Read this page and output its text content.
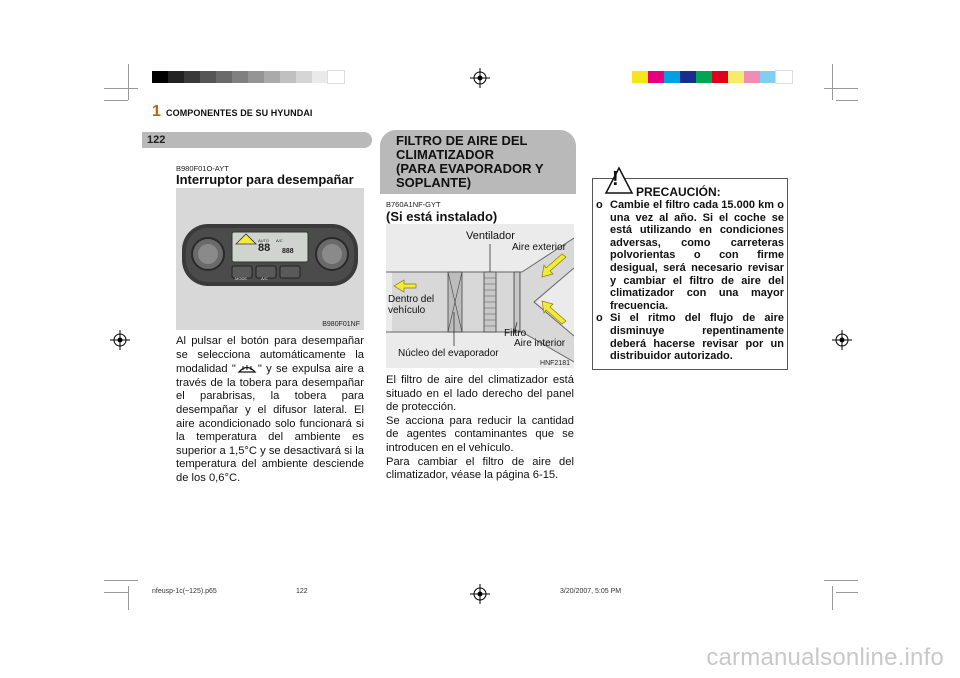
1 COMPONENTES DE SU HYUNDAI
122
B980F01O-AYT
Interruptor para desempañar
AUTO A/C
88 888
MODE	A/C
B980F01NF
Al pulsar el botón para desempañar se selecciona automáticamente la modalidad " " y se expulsa aire a través de la tobera para desempañar el parabrisas, la tobera para desempañar y el difusor lateral. El aire acondicionado solo funcionará si la temperatura del ambiente es superior a 1,5°C y se desactivará si la temperatura del ambiente desciende de los 0,6°C.
FILTRO DE AIRE DEL
CLIMATIZADOR
(PARA EVAPORADOR Y
SOPLANTE)
B760A1NF-GYT
(Si está instalado)
Ventilador
Aire exterior
Dentro del
vehículo
Filtro
Aire interior
Núcleo del evaporador
HNF2181
El filtro de aire del climatizador está situado en el lado derecho del panel de protección.
Se acciona para reducir la cantidad de agentes contaminantes que se introducen en el vehículo.
Para cambiar el filtro de aire del climatizador, véase la página 6-15.
!
PRECAUCIÓN:
o Cambie el filtro cada 15.000 km o una vez al año. Si el coche se está utilizando en condiciones adversas, como carreteras polvorientas o con firme desigual, será necesario revisar y cambiar el filtro de aire del climatizador con una mayor frecuencia.
o Si el ritmo del flujo de aire disminuye repentinamente deberá hacerse revisar por un distribuidor autorizado.
nfeusp-1c(~125).p65	122	3/20/2007, 5:05 PM
carmanualsonline.info
